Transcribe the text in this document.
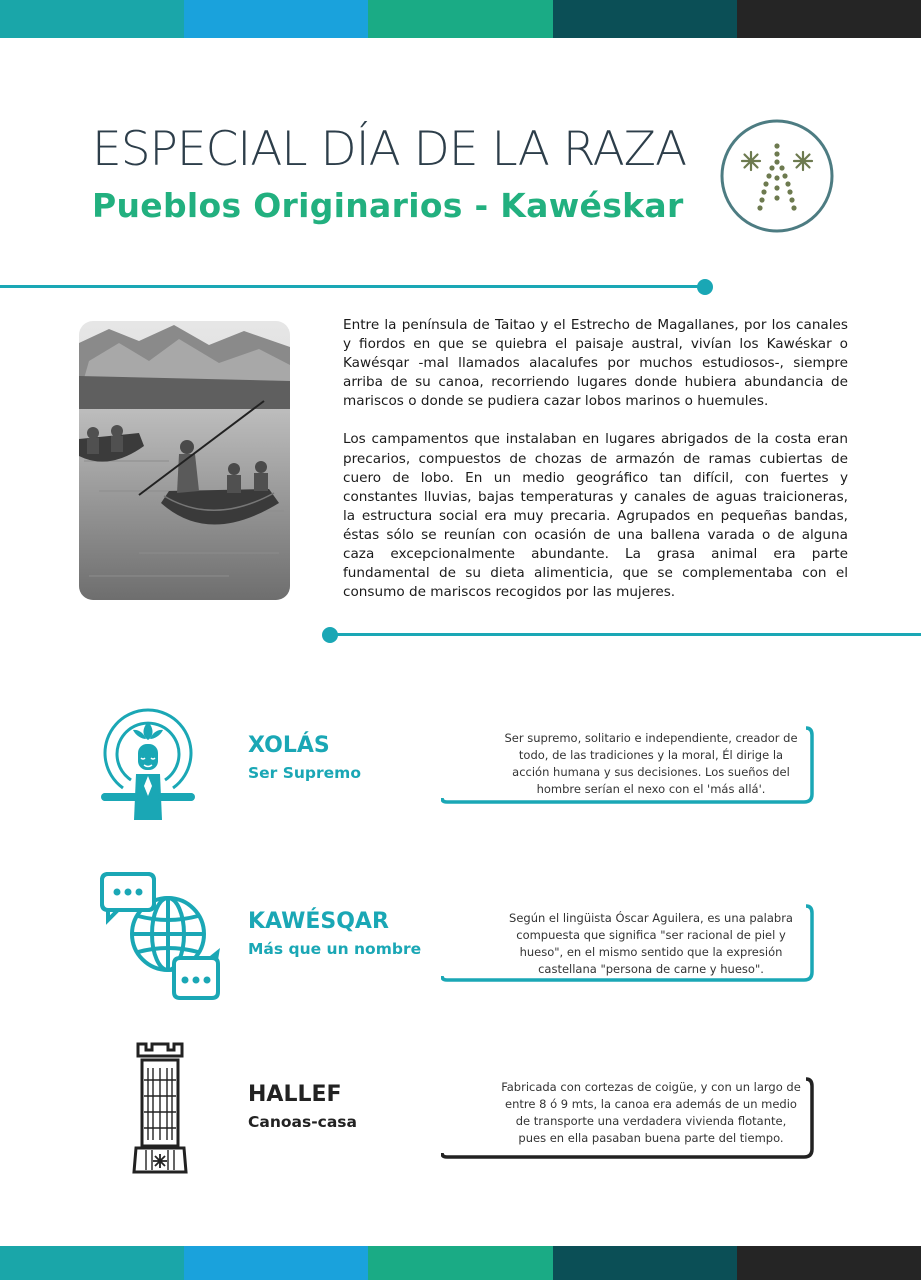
ESPECIAL DÍA DE LA RAZA
Pueblos Originarios - Kawéskar

Entre la península de Taitao y el Estrecho de Magallanes, por los canales y fiordos en que se quiebra el paisaje austral, vivían los Kawéskar o Kawésqar -mal llamados alacalufes por muchos estudiosos-, siempre arriba de su canoa, recorriendo lugares donde hubiera abundancia de mariscos o donde se pudiera cazar lobos marinos o huemules.

Los campamentos que instalaban en lugares abrigados de la costa eran precarios, compuestos de chozas de armazón de ramas cubiertas de cuero de lobo. En un medio geográfico tan difícil, con fuertes y constantes lluvias, bajas temperaturas y canales de aguas traicioneras, la estructura social era muy precaria. Agrupados en pequeñas bandas, éstas sólo se reunían con ocasión de una ballena varada o de alguna caza excepcionalmente abundante. La grasa animal era parte fundamental de su dieta alimenticia, que se complementaba con el consumo de mariscos recogidos por las mujeres.

XOLÁS

Ser Supremo

Ser supremo, solitario e independiente, creador de todo, de las tradiciones y la moral, Él dirige la acción humana y sus decisiones. Los sueños del hombre serían el nexo con el 'más allá'.
KAWÉSQAR

Más que un nombre

Según el lingüista Óscar Aguilera, es una palabra compuesta que significa "ser racional de piel y hueso", en el mismo sentido que la expresión castellana "persona de carne y hueso".
HALLEF

Canoas-casa

Fabricada con cortezas de coigüe, y con un largo de entre 8 ó 9 mts, la canoa era además de un medio de transporte una verdadera vivienda flotante, pues en ella pasaban buena parte del tiempo.
